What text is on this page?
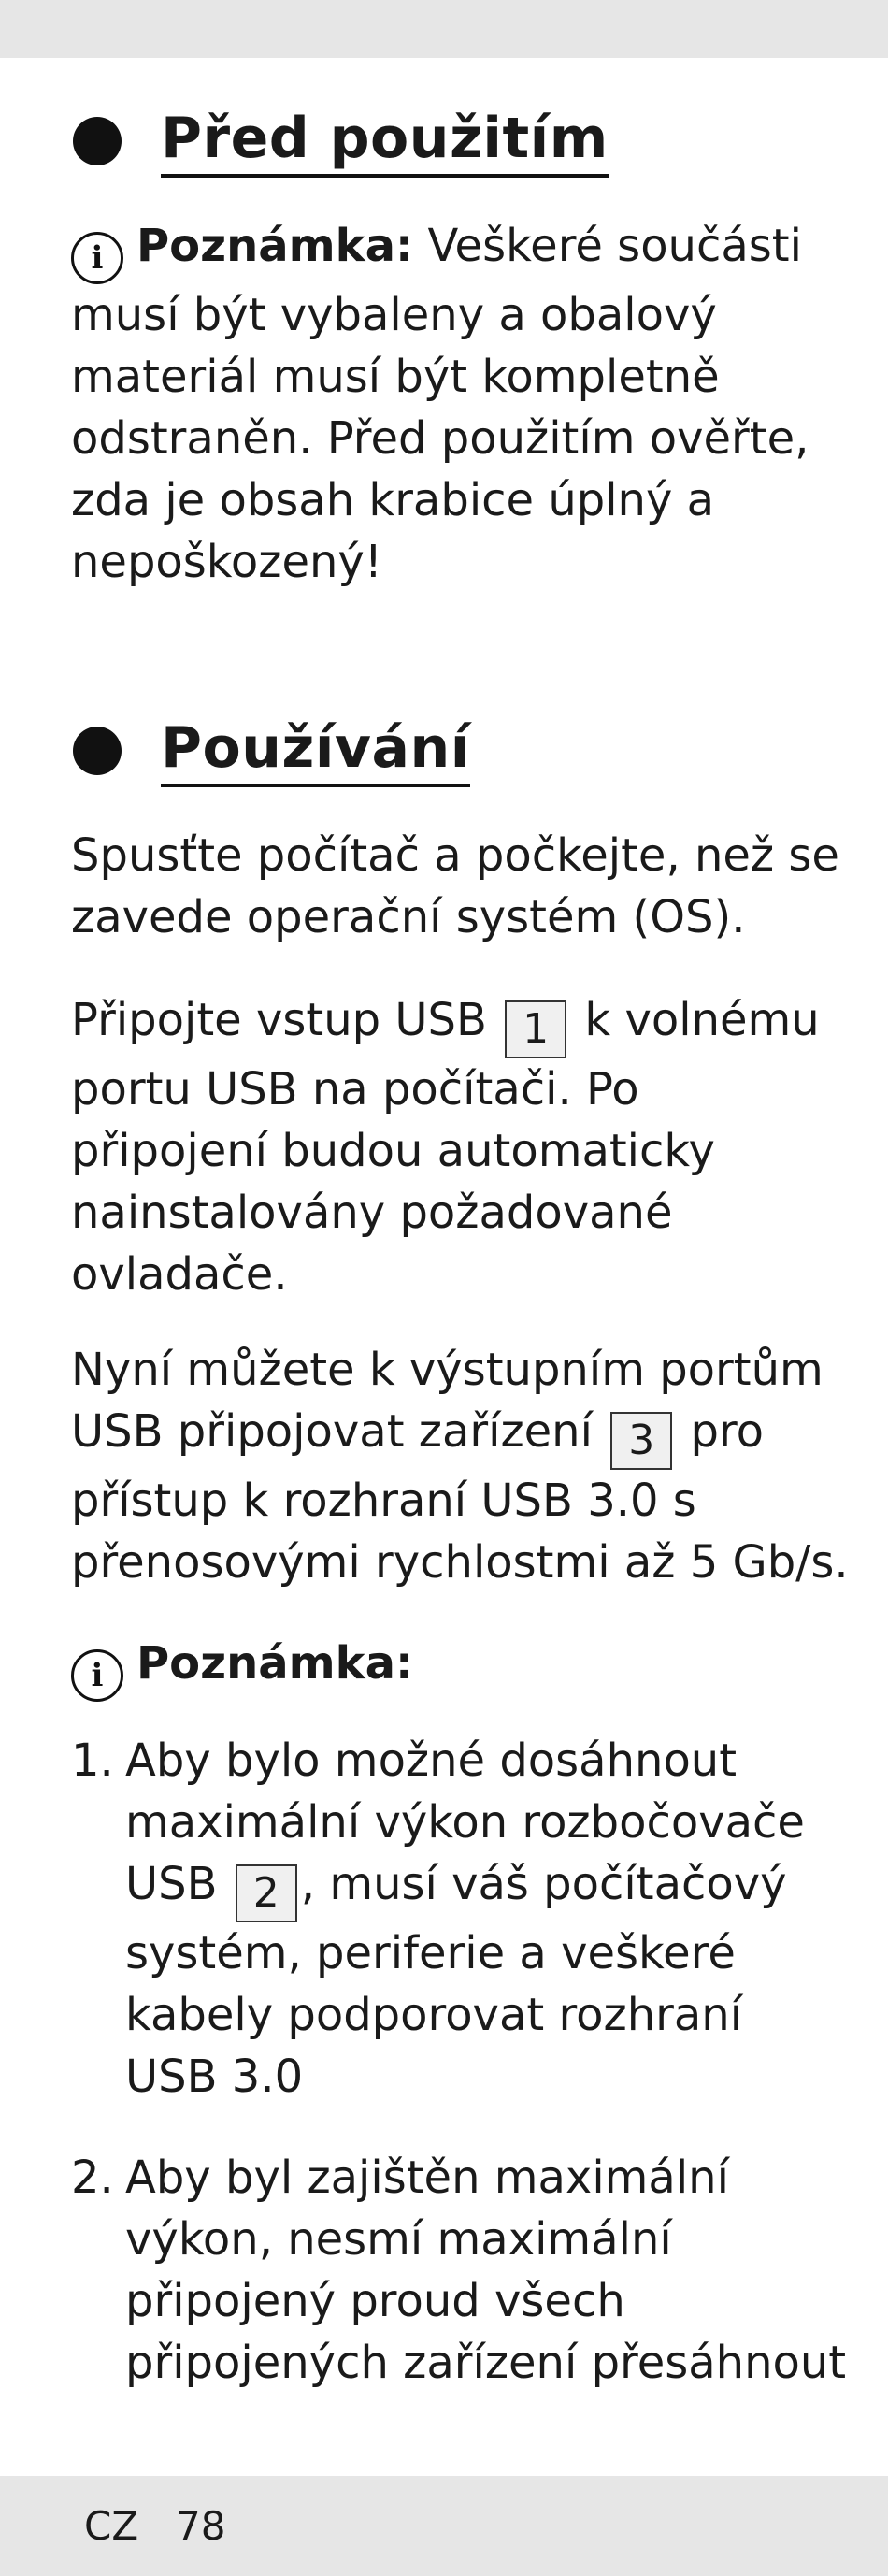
Před použitím

i Poznámka: Veškeré součásti
musí být vybaleny a obalový
materiál musí být kompletně
odstraněn. Před použitím ověřte,
zda je obsah krabice úplný a
nepoškozený!

Používání

Spusťte počítač a počkejte, než se
zavede operační systém (OS).

Připojte vstup USB 1 k volnému
portu USB na počítači. Po
připojení budou automaticky
nainstalovány požadované
ovladače.

Nyní můžete k výstupním portům
USB připojovat zařízení 3 pro
přístup k rozhraní USB 3.0 s
přenosovými rychlostmi až 5 Gb/s.

i Poznámka:

1. Aby bylo možné dosáhnout
maximální výkon rozbočovače
USB 2 , musí váš počítačový
systém, periferie a veškeré
kabely podporovat rozhraní
USB 3.0
2. Aby byl zajištěn maximální
výkon, nesmí maximální
připojený proud všech
připojených zařízení přesáhnout
CZ 78
